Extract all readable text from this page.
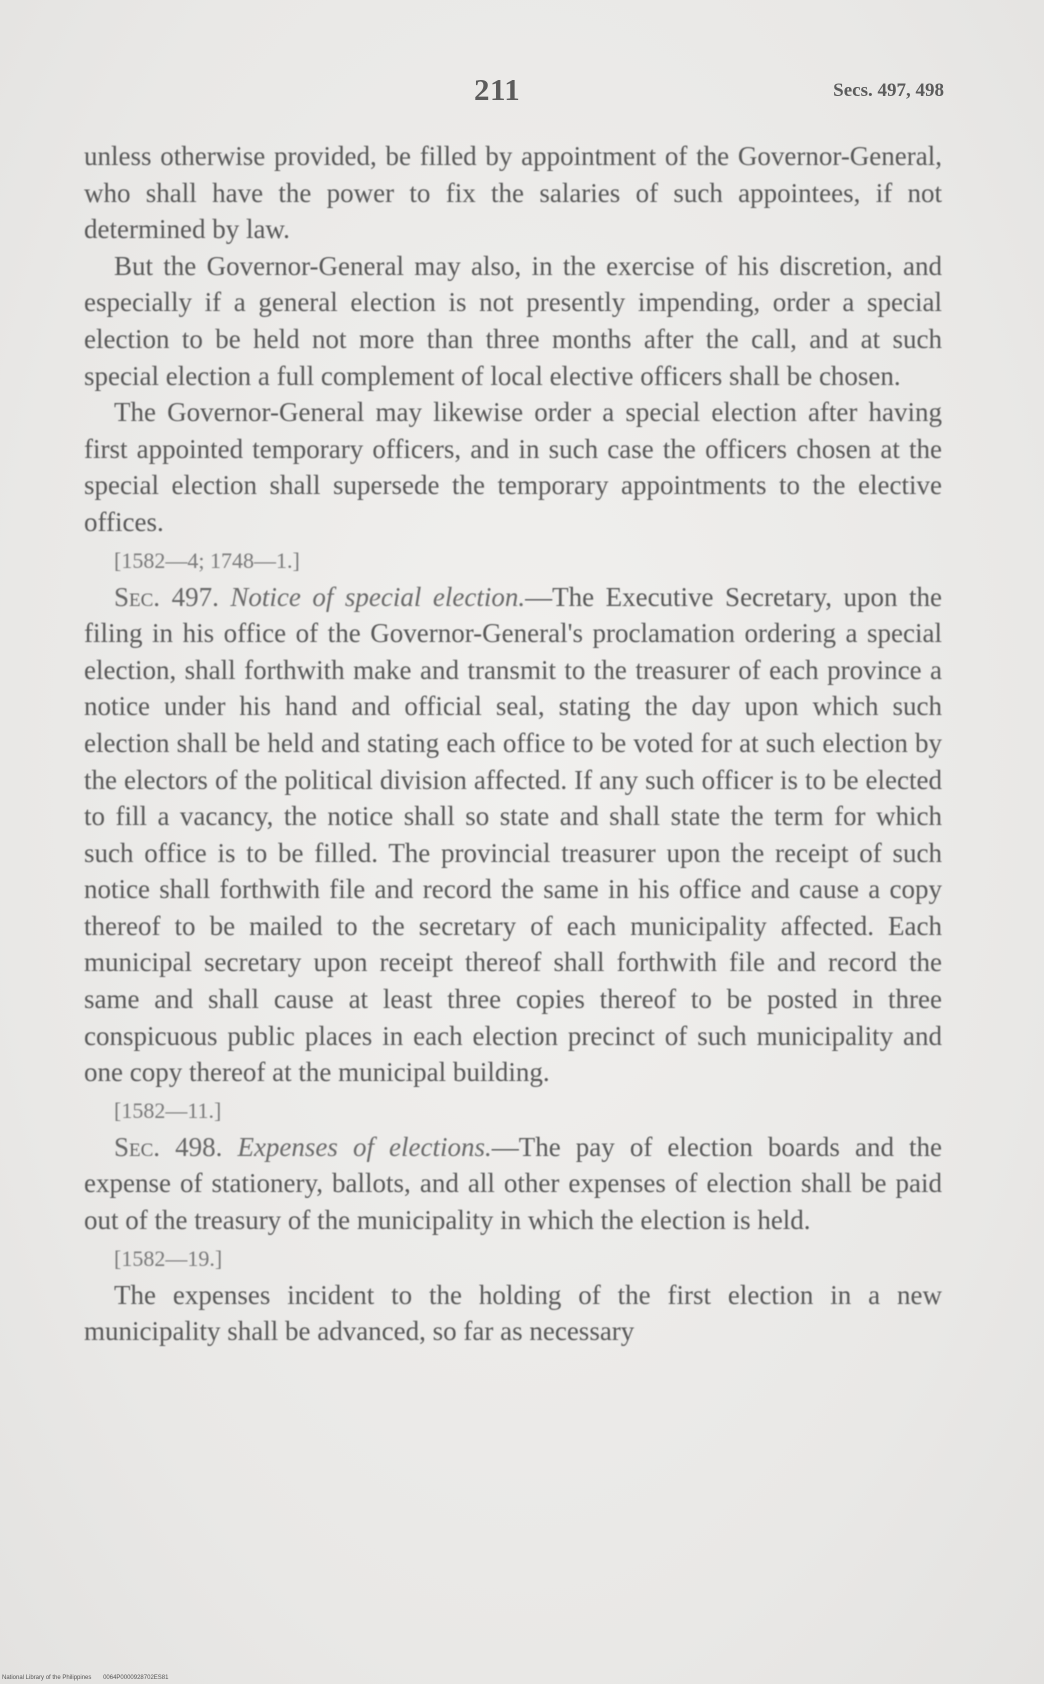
211	Secs. 497, 498

unless otherwise provided, be filled by appointment of the Governor-General, who shall have the power to fix the salaries of such appointees, if not determined by law.

But the Governor-General may also, in the exercise of his discretion, and especially if a general election is not presently impending, order a special election to be held not more than three months after the call, and at such special election a full complement of local elective officers shall be chosen.

The Governor-General may likewise order a special election after having first appointed temporary officers, and in such case the officers chosen at the special election shall supersede the temporary appointments to the elective offices.

[1582—4; 1748—1.]

Sec. 497. Notice of special election.—The Executive Secretary, upon the filing in his office of the Governor-General's proclamation ordering a special election, shall forthwith make and transmit to the treasurer of each province a notice under his hand and official seal, stating the day upon which such election shall be held and stating each office to be voted for at such election by the electors of the political division affected. If any such officer is to be elected to fill a vacancy, the notice shall so state and shall state the term for which such office is to be filled. The provincial treasurer upon the receipt of such notice shall forthwith file and record the same in his office and cause a copy thereof to be mailed to the secretary of each municipality affected. Each municipal secretary upon receipt thereof shall forthwith file and record the same and shall cause at least three copies thereof to be posted in three conspicuous public places in each election precinct of such municipality and one copy thereof at the municipal building.

[1582—11.]

Sec. 498. Expenses of elections.—The pay of election boards and the expense of stationery, ballots, and all other expenses of election shall be paid out of the treasury of the municipality in which the election is held.

[1582—19.]

The expenses incident to the holding of the first election in a new municipality shall be advanced, so far as necessary

National Library of the Philippines 0064P0000928702ES81
